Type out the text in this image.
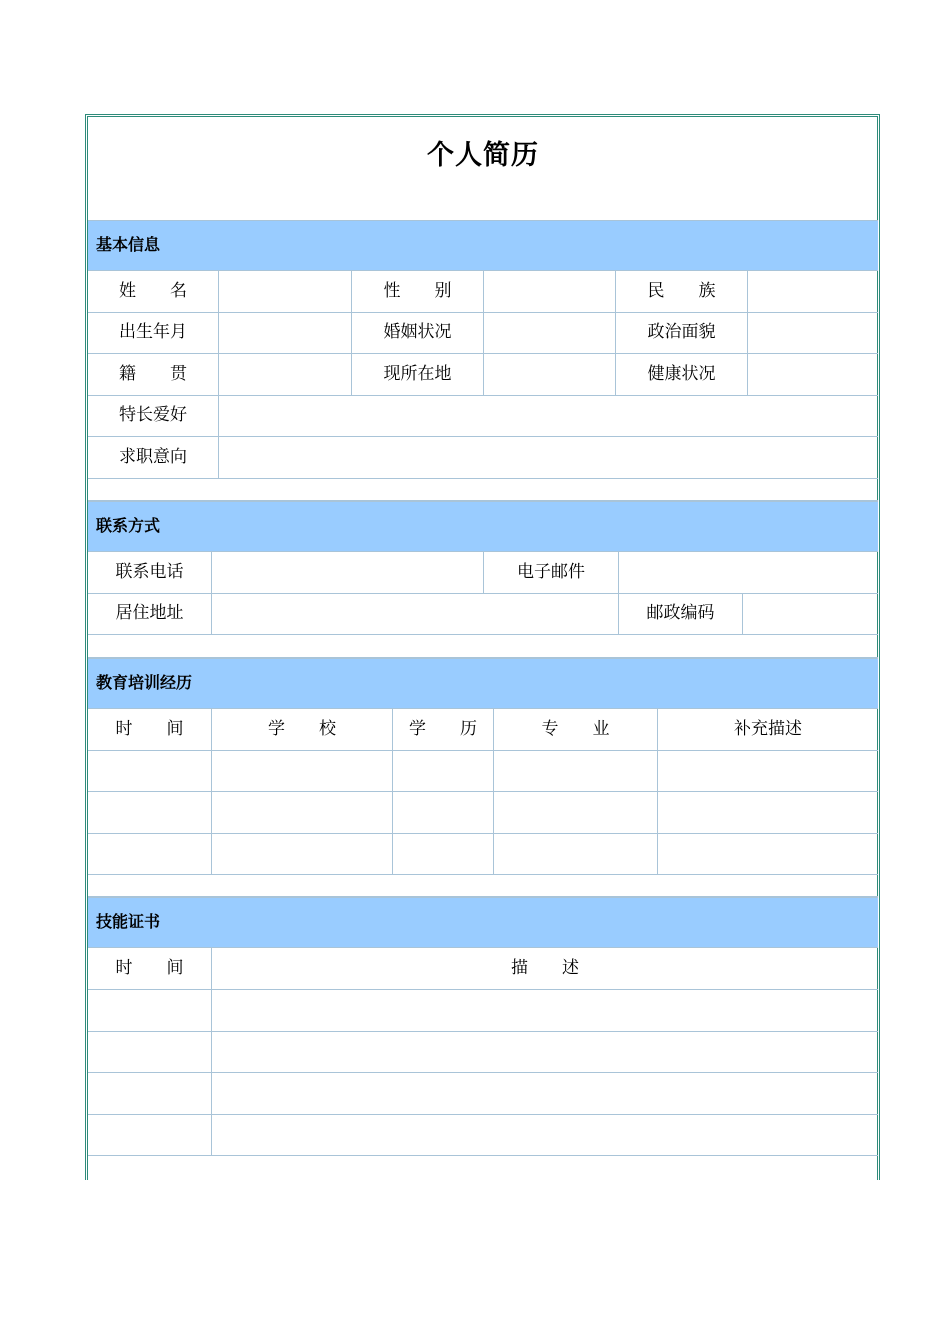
个人简历
基本信息
姓　　名	性　　别	民　　族
出生年月	婚姻状况	政治面貌
籍　　贯	现所在地	健康状况
特长爱好
求职意向
联系方式
联系电话	电子邮件
居住地址	邮政编码
教育培训经历
时　　间	学　　校	学　　历	专　　业	补充描述
技能证书
时　　间	描　　述
